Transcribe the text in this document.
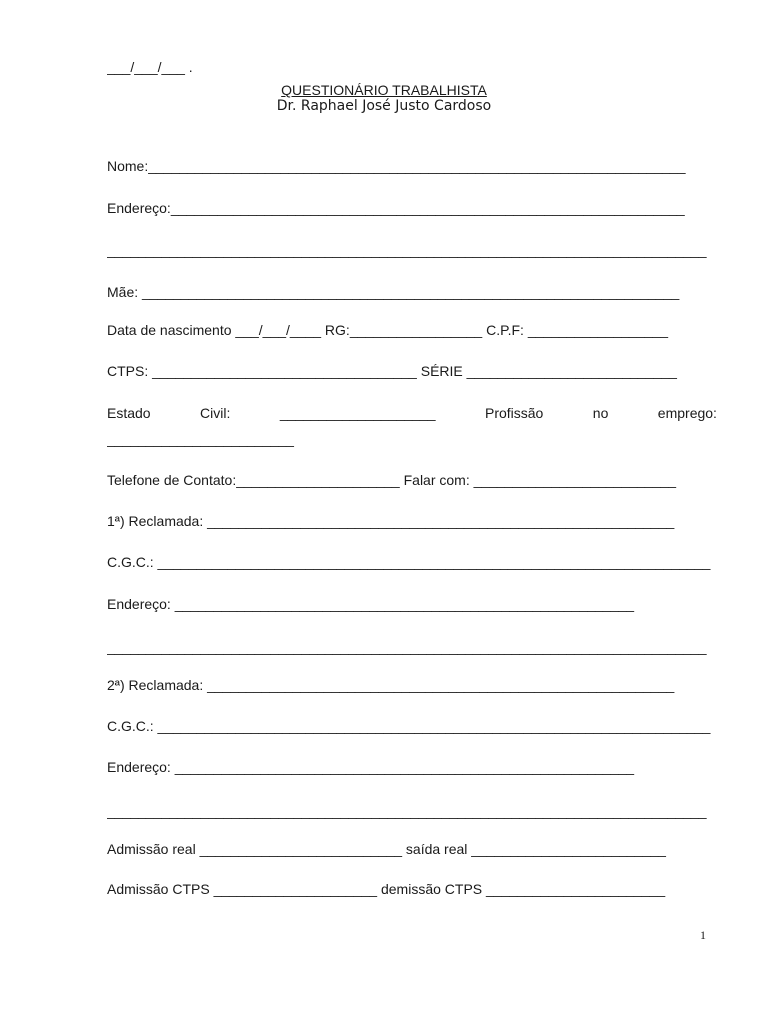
___/___/___ .
QUESTIONÁRIO TRABALHISTA
Dr. Raphael José Justo Cardoso
Nome:_____________________________________________________________________
Endereço:__________________________________________________________________
_____________________________________________________________________________
Mãe: _____________________________________________________________________
Data de nascimento ___/___/____ RG:_________________ C.P.F: __________________
CTPS: __________________________________ SÉRIE ___________________________
Estado	Civil:	____________________	Profissão	no	emprego:
________________________
Telefone de Contato:_____________________ Falar com: __________________________
1ª) Reclamada: ____________________________________________________________
C.G.C.: _______________________________________________________________________
Endereço: ___________________________________________________________
_____________________________________________________________________________
2ª) Reclamada: ____________________________________________________________
C.G.C.: _______________________________________________________________________
Endereço: ___________________________________________________________
_____________________________________________________________________________
Admissão real __________________________ saída real _________________________
Admissão CTPS _____________________ demissão CTPS _______________________
1
